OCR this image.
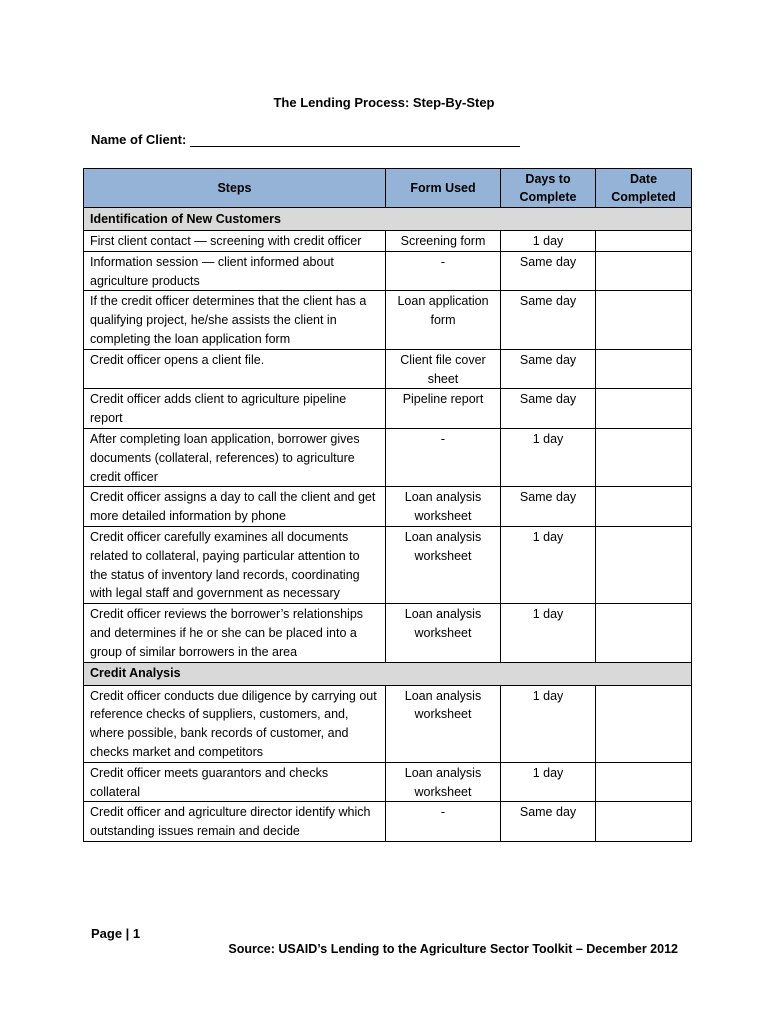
The Lending Process: Step-By-Step
Name of Client:
Steps	Form Used	Days to Complete	Date Completed
Identification of New Customers			
First client contact — screening with credit officer	Screening form	1 day	
Information session — client informed about agriculture products	-	Same day	
If the credit officer determines that the client has a qualifying project, he/she assists the client in completing the loan application form	Loan application form	Same day	
Credit officer opens a client file.	Client file cover sheet	Same day	
Credit officer adds client to agriculture pipeline report	Pipeline report	Same day	
After completing loan application, borrower gives documents (collateral, references) to agriculture credit officer	-	1 day	
Credit officer assigns a day to call the client and get more detailed information by phone	Loan analysis worksheet	Same day	
Credit officer carefully examines all documents related to collateral, paying particular attention to the status of inventory land records, coordinating with legal staff and government as necessary	Loan analysis worksheet	1 day	
Credit officer reviews the borrower’s relationships and determines if he or she can be placed into a group of similar borrowers in the area	Loan analysis worksheet	1 day	
Credit Analysis			
Credit officer conducts due diligence by carrying out reference checks of suppliers, customers, and, where possible, bank records of customer, and checks market and competitors	Loan analysis worksheet	1 day	
Credit officer meets guarantors and checks collateral	Loan analysis worksheet	1 day	
Credit officer and agriculture director identify which outstanding issues remain and decide	-	Same day	
Page | 1
Source: USAID’s Lending to the Agriculture Sector Toolkit – December 2012
